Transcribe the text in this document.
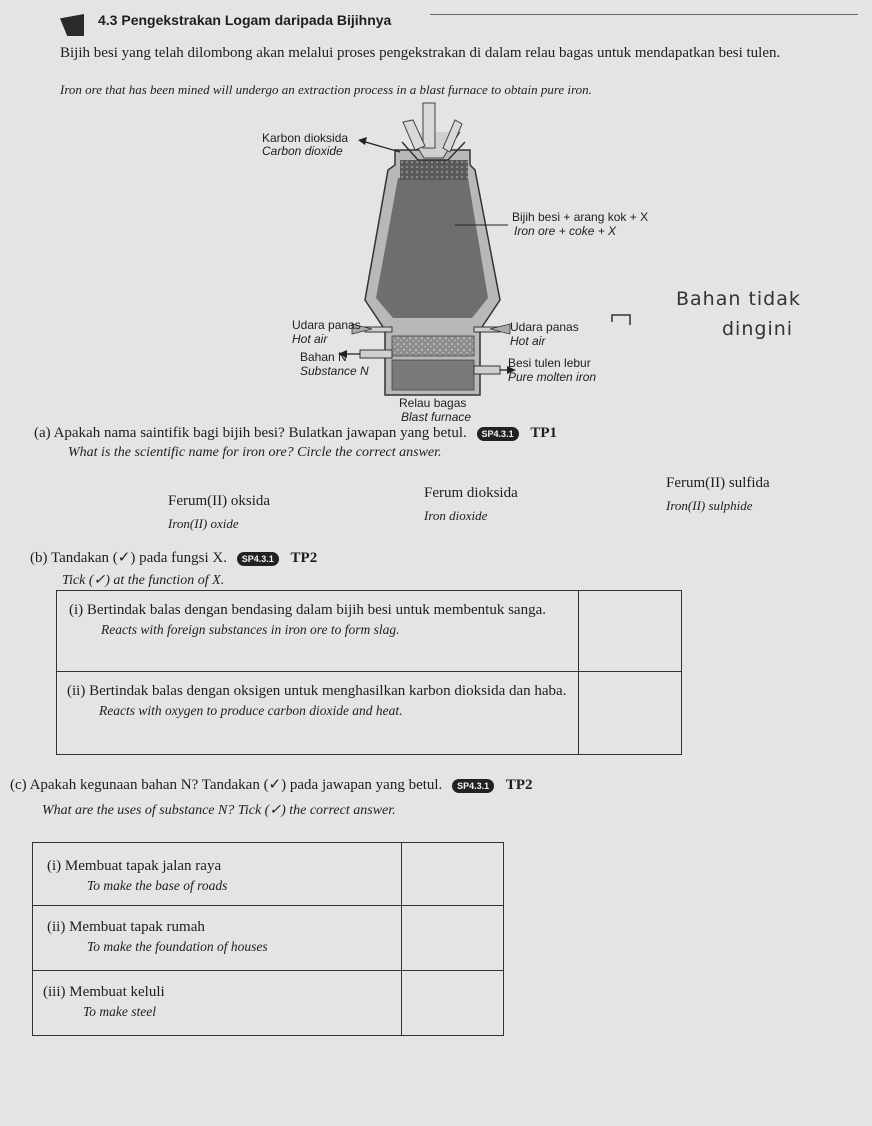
4.3 Pengekstrakan Logam daripada Bijihnya
Bijih besi yang telah dilombong akan melalui proses pengekstrakan di dalam relau bagas untuk mendapatkan besi tulen.
Iron ore that has been mined will undergo an extraction process in a blast furnace to obtain pure iron.
Karbon dioksida
Carbon dioxide
Bijih besi + arang kok + X
Iron ore + coke + X
Udara panas
Hot air
Udara panas
Hot air
Bahan N
Substance N
Besi tulen lebur
Pure molten iron
Relau bagas
Blast furnace
Bahan tidak
dingini
(a) Apakah nama saintifik bagi bijih besi? Bulatkan jawapan yang betul. SP4.3.1 TP1
What is the scientific name for iron ore? Circle the correct answer.
Ferum(II) oksida
Iron(II) oxide
Ferum dioksida
Iron dioxide
Ferum(II) sulfida
Iron(II) sulphide
(b) Tandakan (✓) pada fungsi X. SP4.3.1 TP2
Tick (✓) at the function of X.
(i) Bertindak balas dengan bendasing dalam bijih besi untuk membentuk sanga.
Reacts with foreign substances in iron ore to form slag.	

(ii) Bertindak balas dengan oksigen untuk menghasilkan karbon dioksida dan haba.
Reacts with oxygen to produce carbon dioxide and heat.	

(c) Apakah kegunaan bahan N? Tandakan (✓) pada jawapan yang betul. SP4.3.1 TP2
What are the uses of substance N? Tick (✓) the correct answer.
(i) Membuat tapak jalan raya
To make the base of roads	

(ii) Membuat tapak rumah
To make the foundation of houses	

(iii) Membuat keluli
To make steel	
